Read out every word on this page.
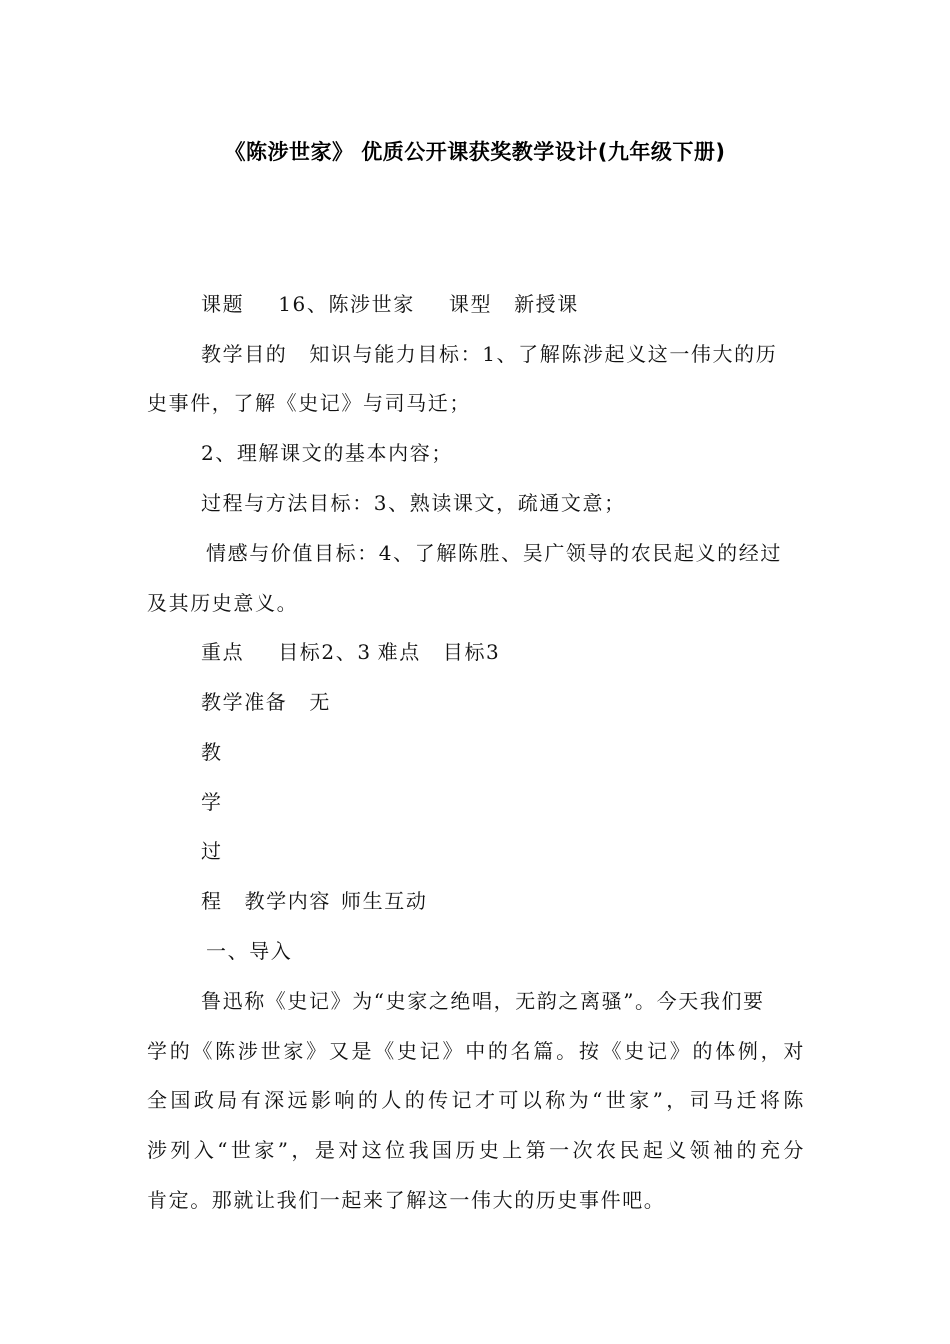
《陈涉世家》 优质公开课获奖教学设计(九年级下册)
课题 16、陈涉世家 课型 新授课
教学目的 知识与能力目标：1、了解陈涉起义这一伟大的历
史事件，了解《史记》与司马迁；
2、理解课文的基本内容；
过程与方法目标：3、熟读课文，疏通文意；
情感与价值目标：4、了解陈胜、吴广领导的农民起义的经过
及其历史意义。
重点 目标2、3 难点 目标3
教学准备 无
教
学
过
程 教学内容 师生互动
一、导入
鲁迅称《史记》为“史家之绝唱，无韵之离骚”。今天我们要
学的《陈涉世家》又是《史记》中的名篇。按《史记》的体例，对
全国政局有深远影响的人的传记才可以称为“世家”，司马迁将陈
涉列入“世家”，是对这位我国历史上第一次农民起义领袖的充分
肯定。那就让我们一起来了解这一伟大的历史事件吧。
